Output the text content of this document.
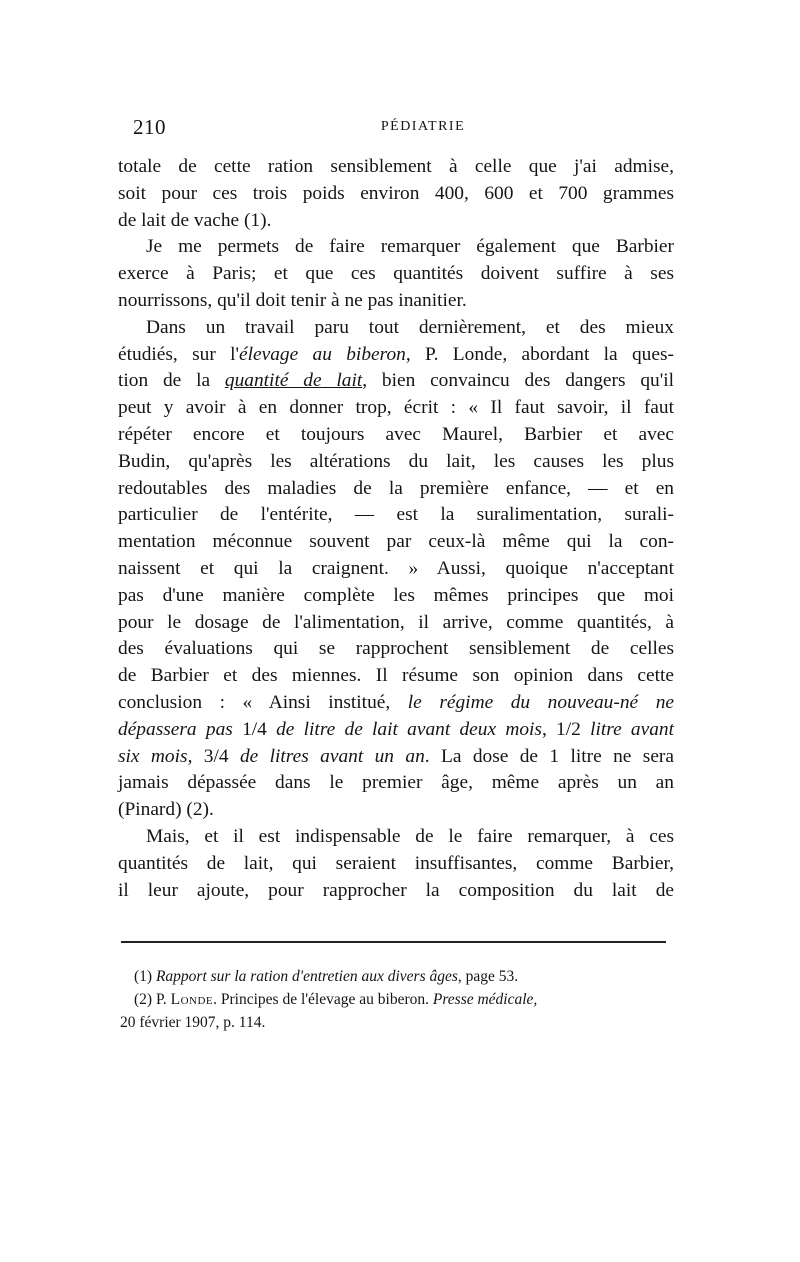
210	PÉDIATRIE

totale de cette ration sensiblement à celle que j'ai admise,
soit pour ces trois poids environ 400, 600 et 700 grammes
de lait de vache (1).

Je me permets de faire remarquer également que Barbier
exerce à Paris; et que ces quantités doivent suffire à ses
nourrissons, qu'il doit tenir à ne pas inanitier.

Dans un travail paru tout dernièrement, et des mieux
étudiés, sur l'élevage au biberon, P. Londe, abordant la ques-
tion de la quantité de lait, bien convaincu des dangers qu'il
peut y avoir à en donner trop, écrit : « Il faut savoir, il faut
répéter encore et toujours avec Maurel, Barbier et avec
Budin, qu'après les altérations du lait, les causes les plus
redoutables des maladies de la première enfance, — et en
particulier de l'entérite, — est la suralimentation, surali-
mentation méconnue souvent par ceux-là même qui la con-
naissent et qui la craignent. » Aussi, quoique n'acceptant
pas d'une manière complète les mêmes principes que moi
pour le dosage de l'alimentation, il arrive, comme quantités, à
des évaluations qui se rapprochent sensiblement de celles
de Barbier et des miennes. Il résume son opinion dans cette
conclusion : « Ainsi institué, le régime du nouveau-né ne
dépassera pas 1/4 de litre de lait avant deux mois, 1/2 litre avant
six mois, 3/4 de litres avant un an. La dose de 1 litre ne sera
jamais dépassée dans le premier âge, même après un an
(Pinard) (2).

Mais, et il est indispensable de le faire remarquer, à ces
quantités de lait, qui seraient insuffisantes, comme Barbier,
il leur ajoute, pour rapprocher la composition du lait de

(1) Rapport sur la ration d'entretien aux divers âges, page 53.
(2) P. Londe. Principes de l'élevage au biberon. Presse médicale,
20 février 1907, p. 114.
